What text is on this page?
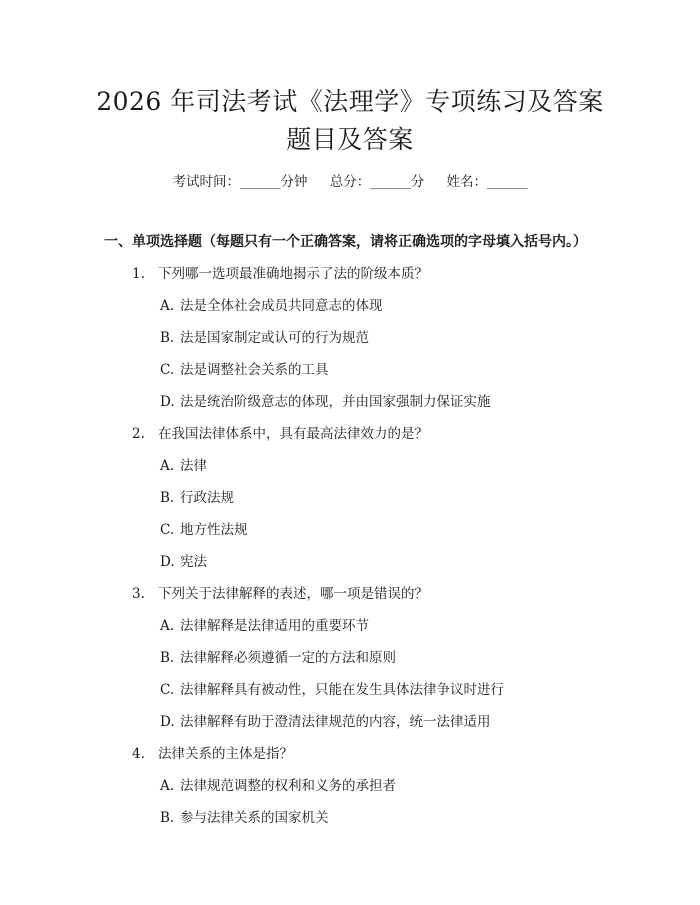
2026 年司法考试《法理学》专项练习及答案
题目及答案
考试时间：______分钟 总分：______分 姓名：______
一、单项选择题（每题只有一个正确答案，请将正确选项的字母填入括号内。）
1. 下列哪一选项最准确地揭示了法的阶级本质？
A. 法是全体社会成员共同意志的体现
B. 法是国家制定或认可的行为规范
C. 法是调整社会关系的工具
D. 法是统治阶级意志的体现，并由国家强制力保证实施
2. 在我国法律体系中，具有最高法律效力的是？
A. 法律
B. 行政法规
C. 地方性法规
D. 宪法
3. 下列关于法律解释的表述，哪一项是错误的？
A. 法律解释是法律适用的重要环节
B. 法律解释必须遵循一定的方法和原则
C. 法律解释具有被动性，只能在发生具体法律争议时进行
D. 法律解释有助于澄清法律规范的内容，统一法律适用
4. 法律关系的主体是指？
A. 法律规范调整的权利和义务的承担者
B. 参与法律关系的国家机关
